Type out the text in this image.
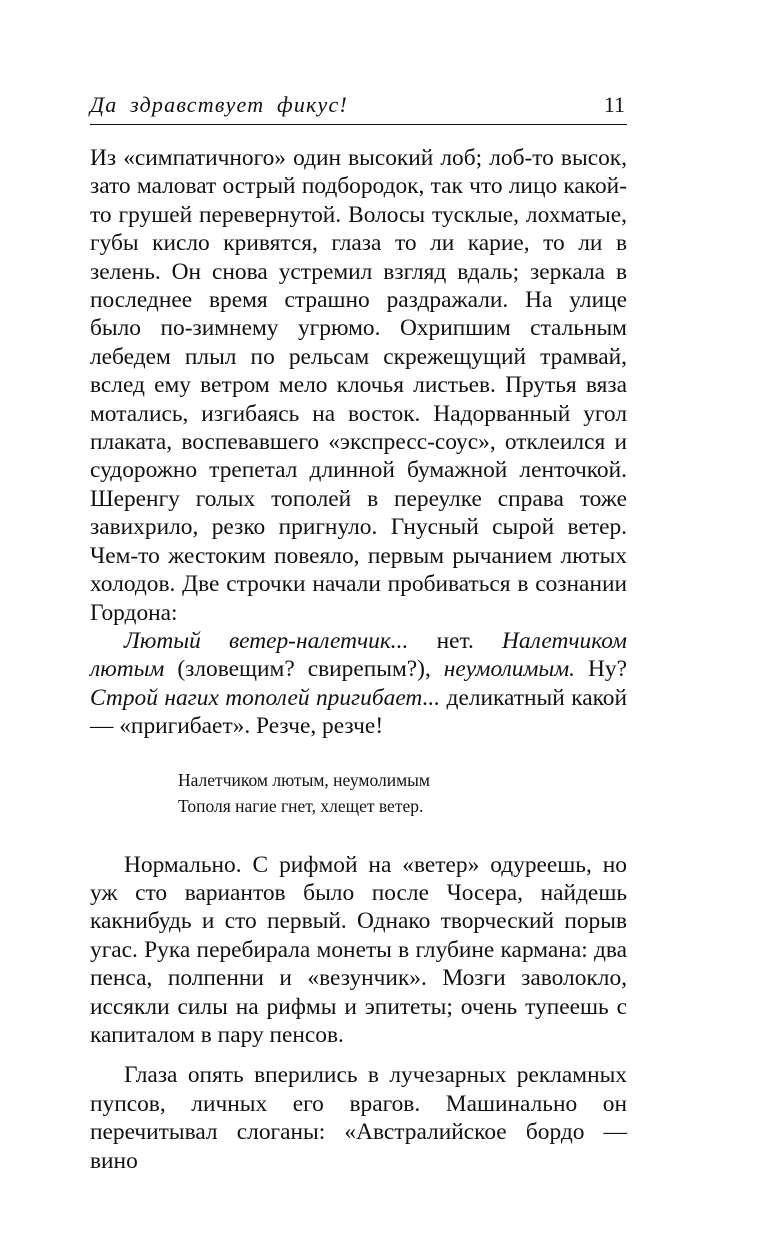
Да здравствует фикус!	11

Из «симпатичного» один высокий лоб; лоб-то высок, зато маловат острый подбородок, так что лицо какой-то грушей перевернутой. Волосы тусклые, лохматые, губы кисло кривятся, глаза то ли карие, то ли в зелень. Он снова устремил взгляд вдаль; зеркала в последнее время страшно раздражали. На улице было по-зимнему угрюмо. Охрипшим стальным лебедем плыл по рельсам скрежещущий трамвай, вслед ему ветром мело клочья листьев. Прутья вяза мотались, изгибаясь на восток. Надорванный угол плаката, воспевавшего «экспресс-соус», отклеился и судорожно трепетал длинной бумажной ленточкой. Шеренгу голых тополей в переулке справа тоже завихрило, резко пригнуло. Гнусный сырой ветер. Чем-то жестоким повеяло, первым рычанием лютых холодов. Две строчки начали пробиваться в сознании Гордона:

Лютый ветер-налетчик... нет. Налетчиком лютым (зловещим? свирепым?), неумолимым. Ну? Строй нагих тополей пригибает... деликатный какой — «пригибает». Резче, резче!

Налетчиком лютым, неумолимым
Тополя нагие гнет, хлещет ветер.

Нормально. С рифмой на «ветер» одуреешь, но уж сто вариантов было после Чосера, найдешь какнибудь и сто первый. Однако творческий порыв угас. Рука перебирала монеты в глубине кармана: два пенса, полпенни и «везунчик». Мозги заволокло, иссякли силы на рифмы и эпитеты; очень тупеешь с капиталом в пару пенсов.

Глаза опять вперились в лучезарных рекламных пупсов, личных его врагов. Машинально он перечитывал слоганы: «Австралийское бордо — вино
